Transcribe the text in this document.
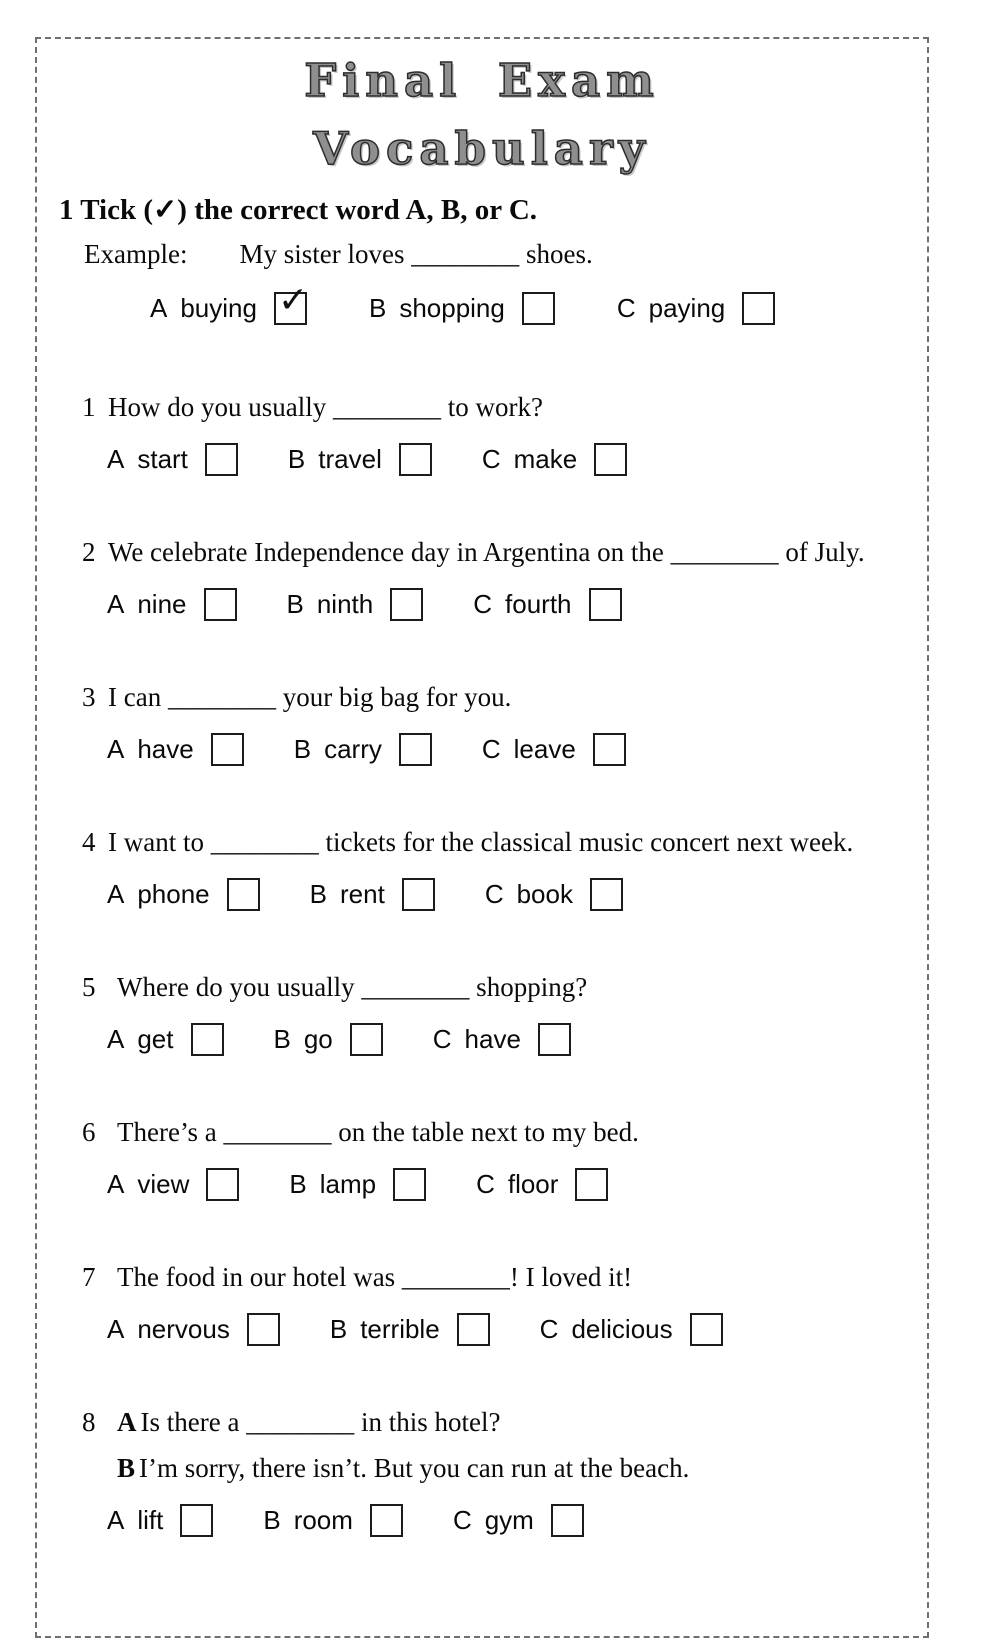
Final Exam
Vocabulary
1 Tick (✓) the correct word A, B, or C.
Example: My sister loves ________ shoes.
A buying ✓ B shopping	C paying
1 How do you usually ________ to work?
A start	B travel	C make
2 We celebrate Independence day in Argentina on the ________ of July.
A nine	B ninth	C fourth
3 I can ________ your big bag for you.
A have	B carry	C leave
4 I want to ________ tickets for the classical music concert next week.
A phone	B rent	C book
5 Where do you usually ________ shopping?
A get	B go	C have
6 There’s a ________ on the table next to my bed.
A view	B lamp	C floor
7 The food in our hotel was ________! I loved it!
A nervous	B terrible	C delicious
8 A Is there a ________ in this hotel?
B I’m sorry, there isn’t. But you can run at the beach.
A lift	B room	C gym
